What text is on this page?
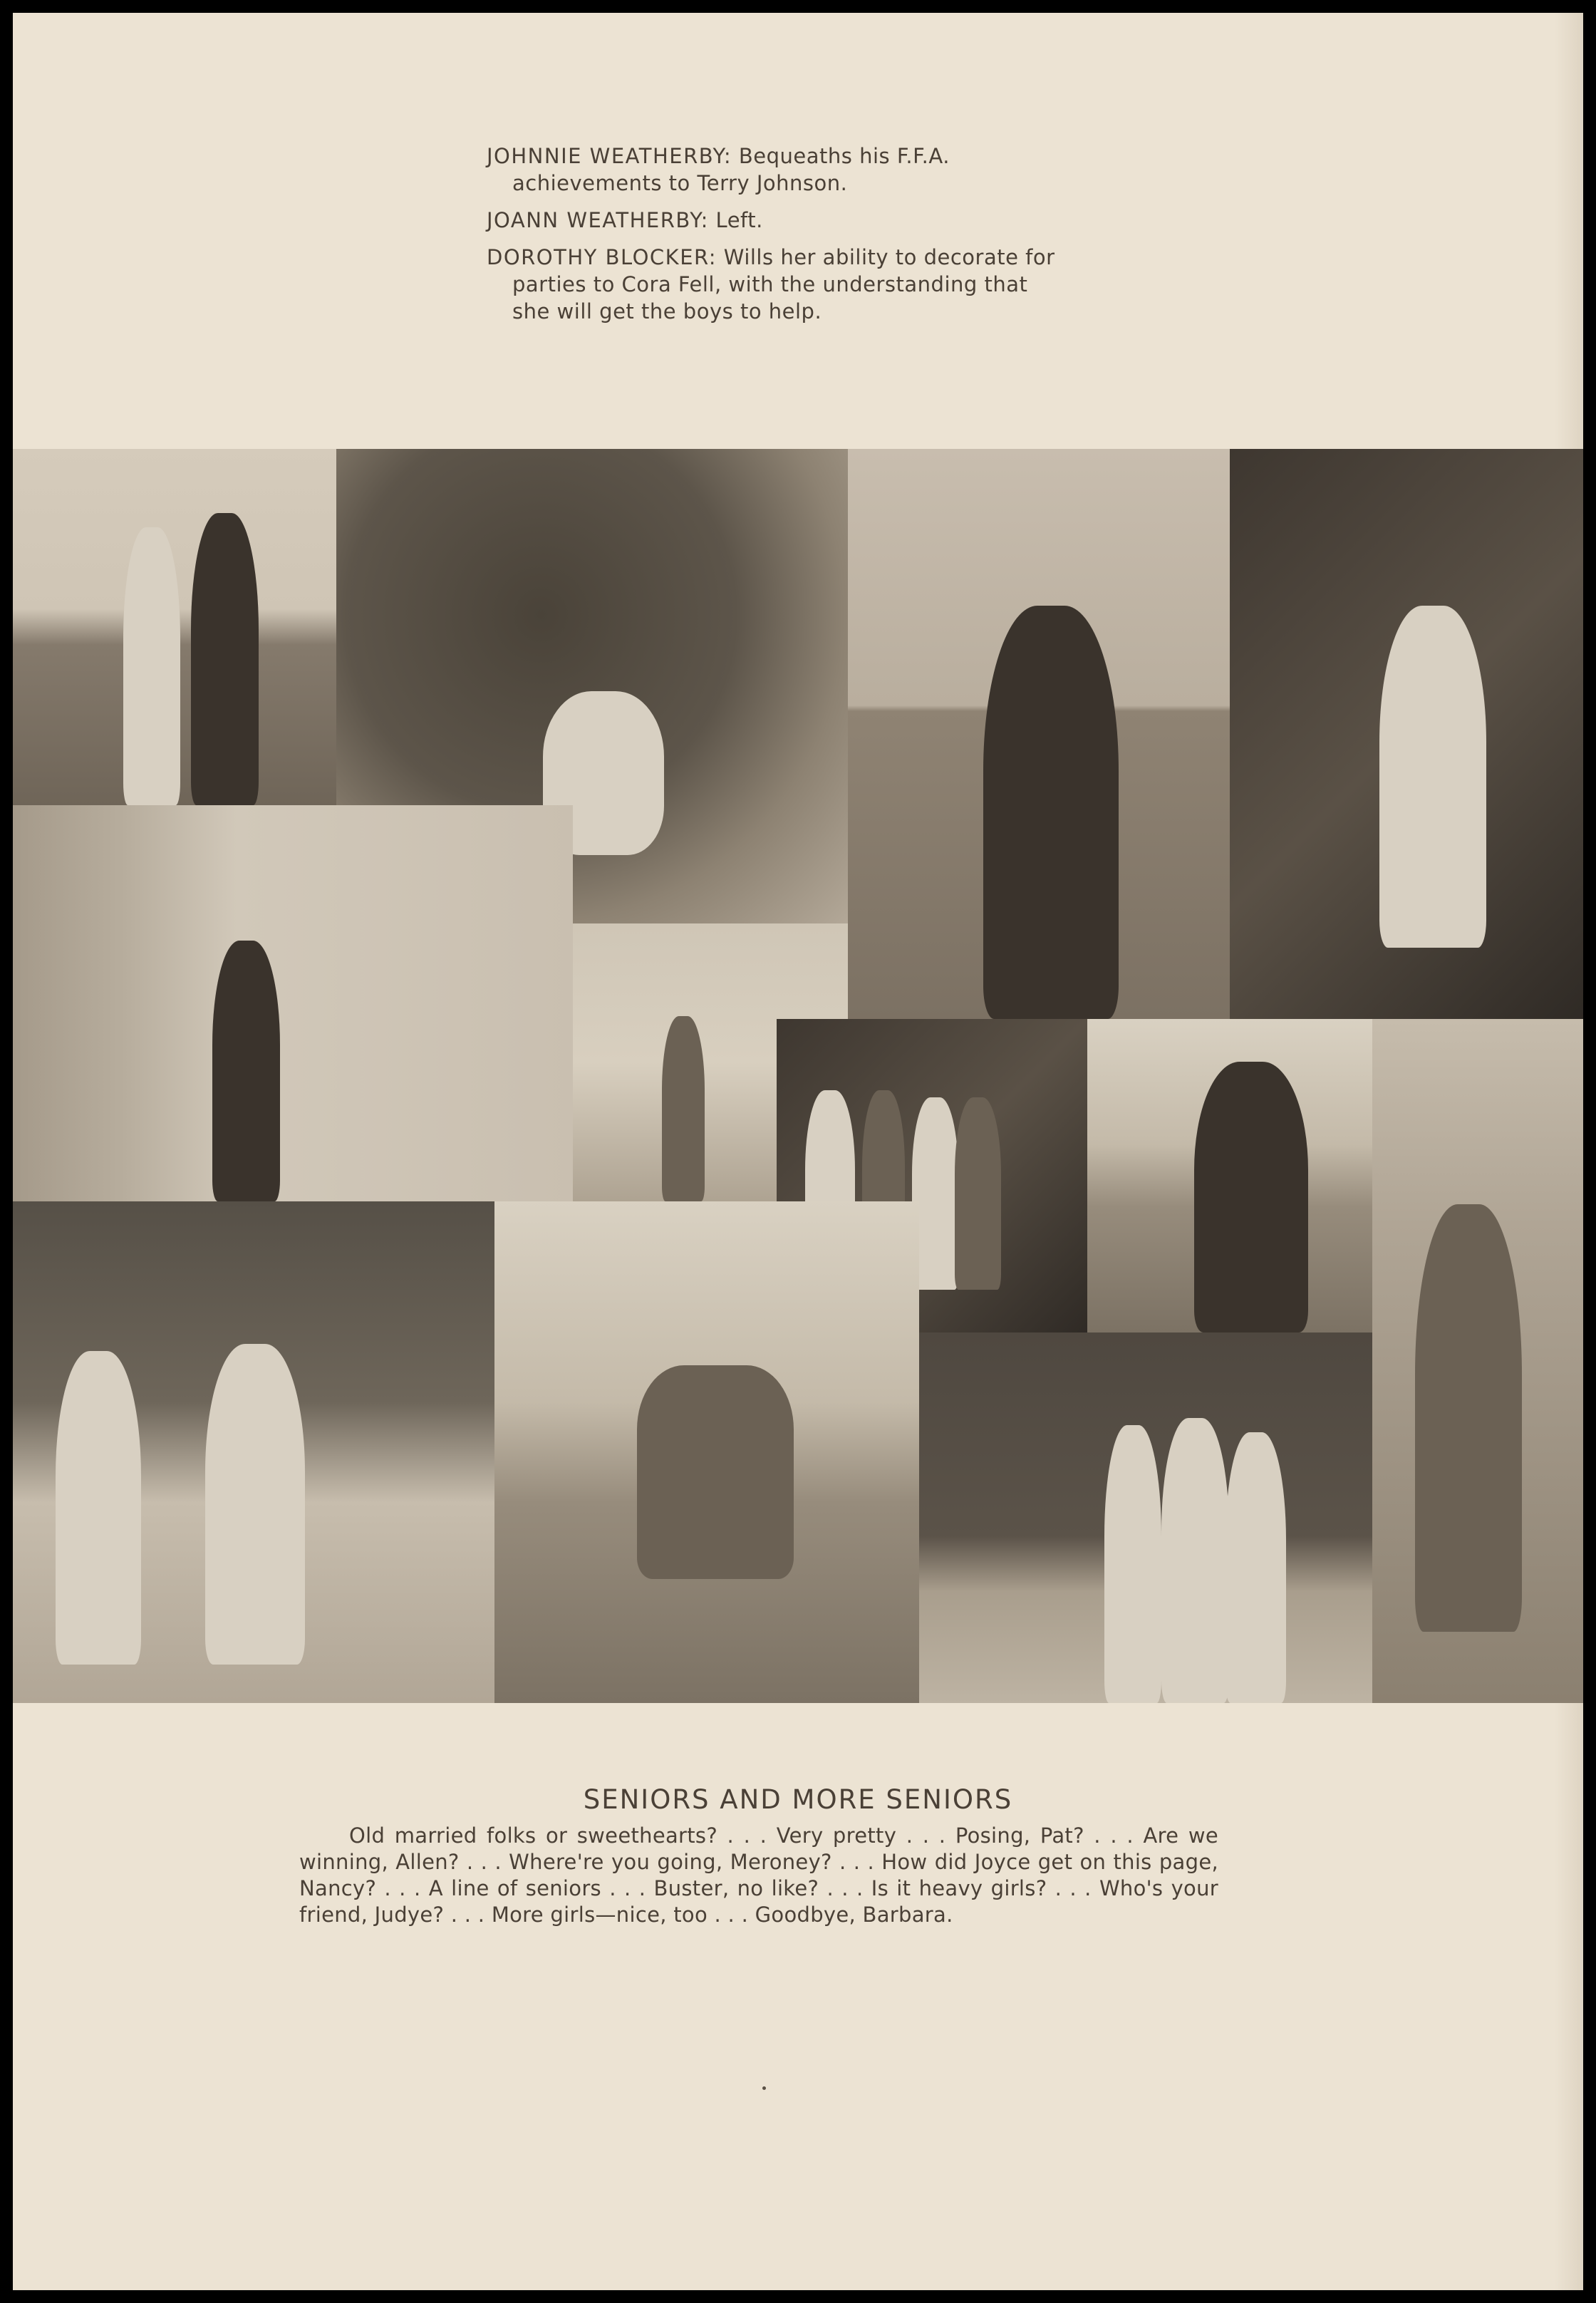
JOHNNIE WEATHERBY: Bequeaths his F.F.A. achievements to Terry Johnson.
JOANN WEATHERBY: Left.
DOROTHY BLOCKER: Wills her ability to decorate for parties to Cora Fell, with the understanding that she will get the boys to help.
SENIORS AND MORE SENIORS

Old married folks or sweethearts? . . . Very pretty . . . Posing, Pat? . . . Are we winning, Allen? . . . Where're you going, Meroney? . . . How did Joyce get on this page, Nancy? . . . A line of seniors . . . Buster, no like? . . . Is it heavy girls? . . . Who's your friend, Judye? . . . More girls—nice, too . . . Goodbye, Barbara.
